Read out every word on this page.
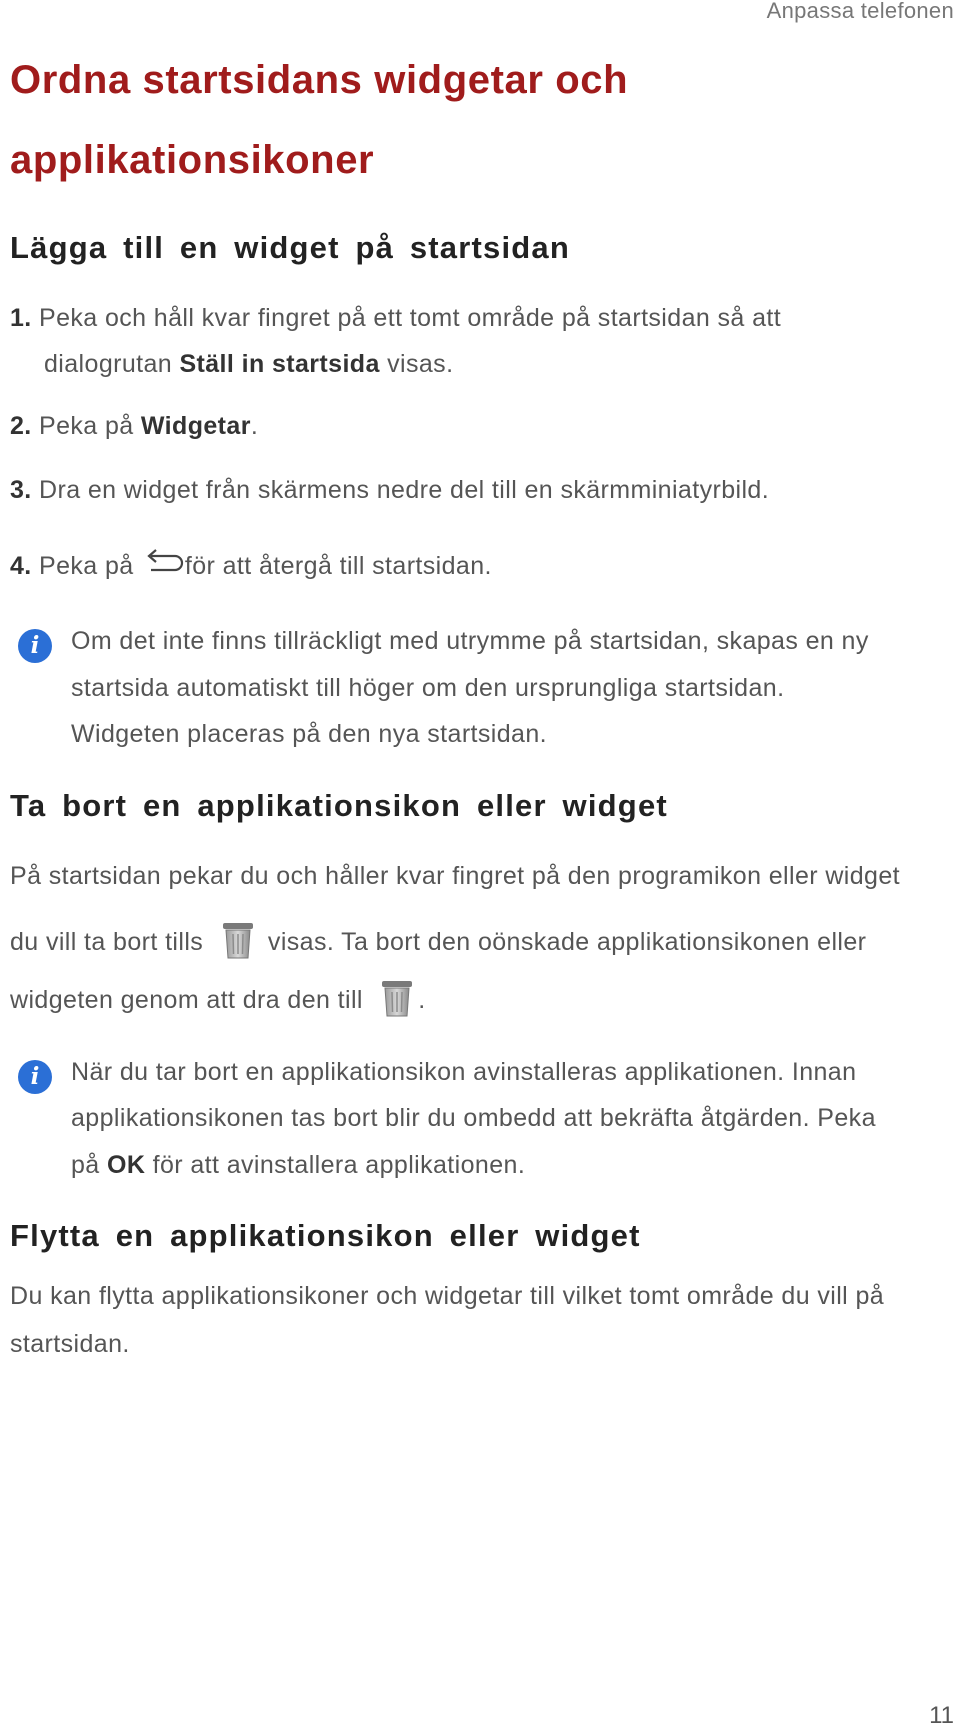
Anpassa telefonen
Ordna startsidans widgetar och applikationsikoner
Lägga till en widget på startsidan
1. Peka och håll kvar fingret på ett tomt område på startsidan så att
dialogrutan Ställ in startsida visas.
2. Peka på Widgetar.
3. Dra en widget från skärmens nedre del till en skärmminiatyrbild.
4. Peka på för att återgå till startsidan.
i	Om det inte finns tillräckligt med utrymme på startsidan, skapas en ny
startsida automatiskt till höger om den ursprungliga startsidan.
Widgeten placeras på den nya startsidan.
Ta bort en applikationsikon eller widget
På startsidan pekar du och håller kvar fingret på den programikon eller widget
du vill ta bort tills	visas. Ta bort den oönskade applikationsikonen eller
widgeten genom att dra den till .
i	När du tar bort en applikationsikon avinstalleras applikationen. Innan
applikationsikonen tas bort blir du ombedd att bekräfta åtgärden. Peka
på OK för att avinstallera applikationen.
Flytta en applikationsikon eller widget
Du kan flytta applikationsikoner och widgetar till vilket tomt område du vill på
startsidan.
11
